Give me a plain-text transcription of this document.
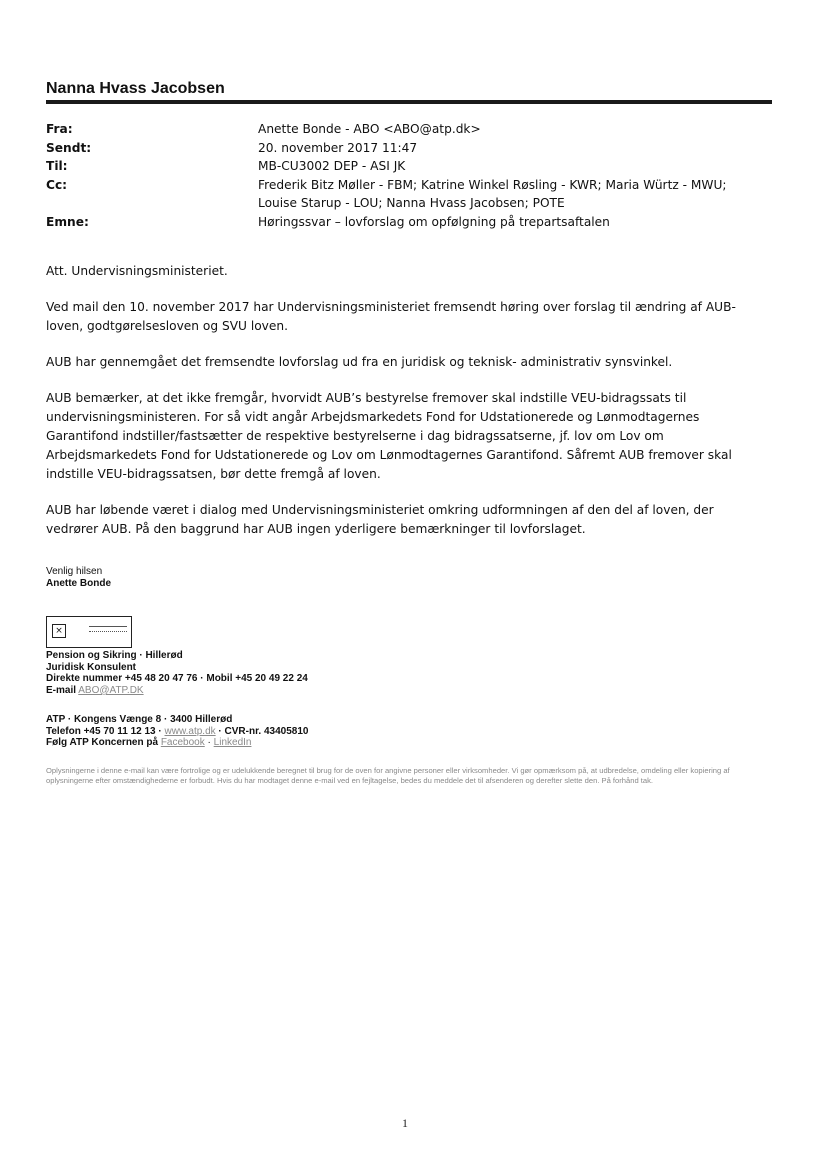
Nanna Hvass Jacobsen
Fra:	Anette Bonde - ABO <ABO@atp.dk>
Sendt:	20. november 2017 11:47
Til:	MB-CU3002 DEP - ASI JK
Cc:	Frederik Bitz Møller - FBM; Katrine Winkel Røsling - KWR; Maria Würtz - MWU;
Louise Starup - LOU; Nanna Hvass Jacobsen; POTE
Emne:	Høringssvar – lovforslag om opfølgning på trepartsaftalen

Att. Undervisningsministeriet.

Ved mail den 10. november 2017 har Undervisningsministeriet fremsendt høring over forslag til ændring af AUB-loven, godtgørelsesloven og SVU loven.

AUB har gennemgået det fremsendte lovforslag ud fra en juridisk og teknisk- administrativ synsvinkel.

AUB bemærker, at det ikke fremgår, hvorvidt AUB’s bestyrelse fremover skal indstille VEU-bidragssats til undervisningsministeren. For så vidt angår Arbejdsmarkedets Fond for Udstationerede og Lønmodtagernes Garantifond indstiller/fastsætter de respektive bestyrelserne i dag bidragssatserne, jf. lov om Lov om Arbejdsmarkedets Fond for Udstationerede og Lov om Lønmodtagernes Garantifond. Såfremt AUB fremover skal indstille VEU-bidragssatsen, bør dette fremgå af loven.

AUB har løbende været i dialog med Undervisningsministeriet omkring udformningen af den del af loven, der vedrører AUB. På den baggrund har AUB ingen yderligere bemærkninger til lovforslaget.

Venlig hilsen
Anette Bonde
×
Pension og Sikring · Hillerød
Juridisk Konsulent
Direkte nummer +45 48 20 47 76 · Mobil +45 20 49 22 24
E-mail ABO@ATP.DK
ATP · Kongens Vænge 8 · 3400 Hillerød
Telefon +45 70 11 12 13 · www.atp.dk · CVR-nr. 43405810
Følg ATP Koncernen på Facebook · LinkedIn
Oplysningerne i denne e-mail kan være fortrolige og er udelukkende beregnet til brug for de oven for angivne personer eller virksomheder. Vi gør opmærksom på, at udbredelse, omdeling eller kopiering af oplysningerne efter omstændighederne er forbudt. Hvis du har modtaget denne e-mail ved en fejltagelse, bedes du meddele det til afsenderen og derefter slette den. På forhånd tak.
1
